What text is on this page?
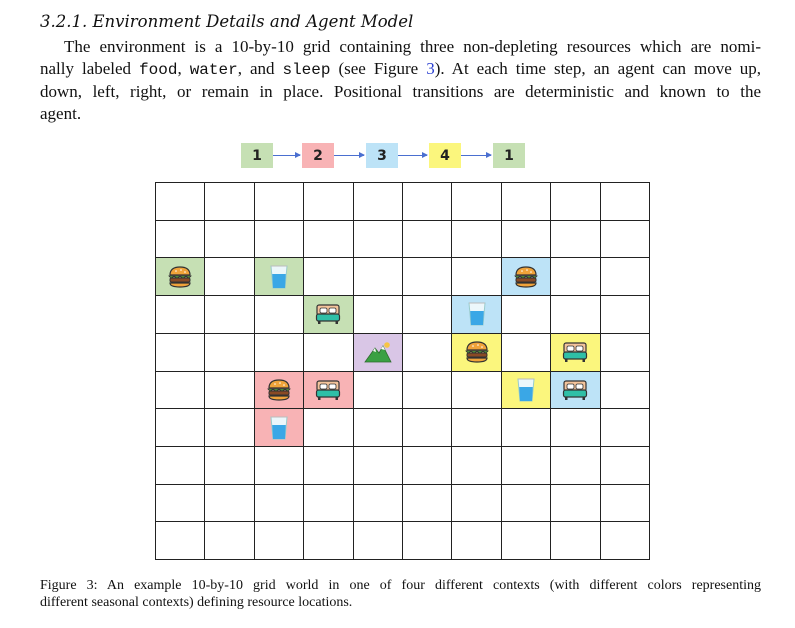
3.2.1. Environment Details and Agent Model
The environment is a 10-by-10 grid containing three non-depleting resources which are nomi-
nally labeled food, water, and sleep (see Figure 3). At each time step, an agent can move up,
down, left, right, or remain in place. Positional transitions are deterministic and known to the
agent.
1	2	3	4	1
Figure 3: An example 10-by-10 grid world in one of four different contexts (with different colors representing
different seasonal contexts) defining resource locations.
